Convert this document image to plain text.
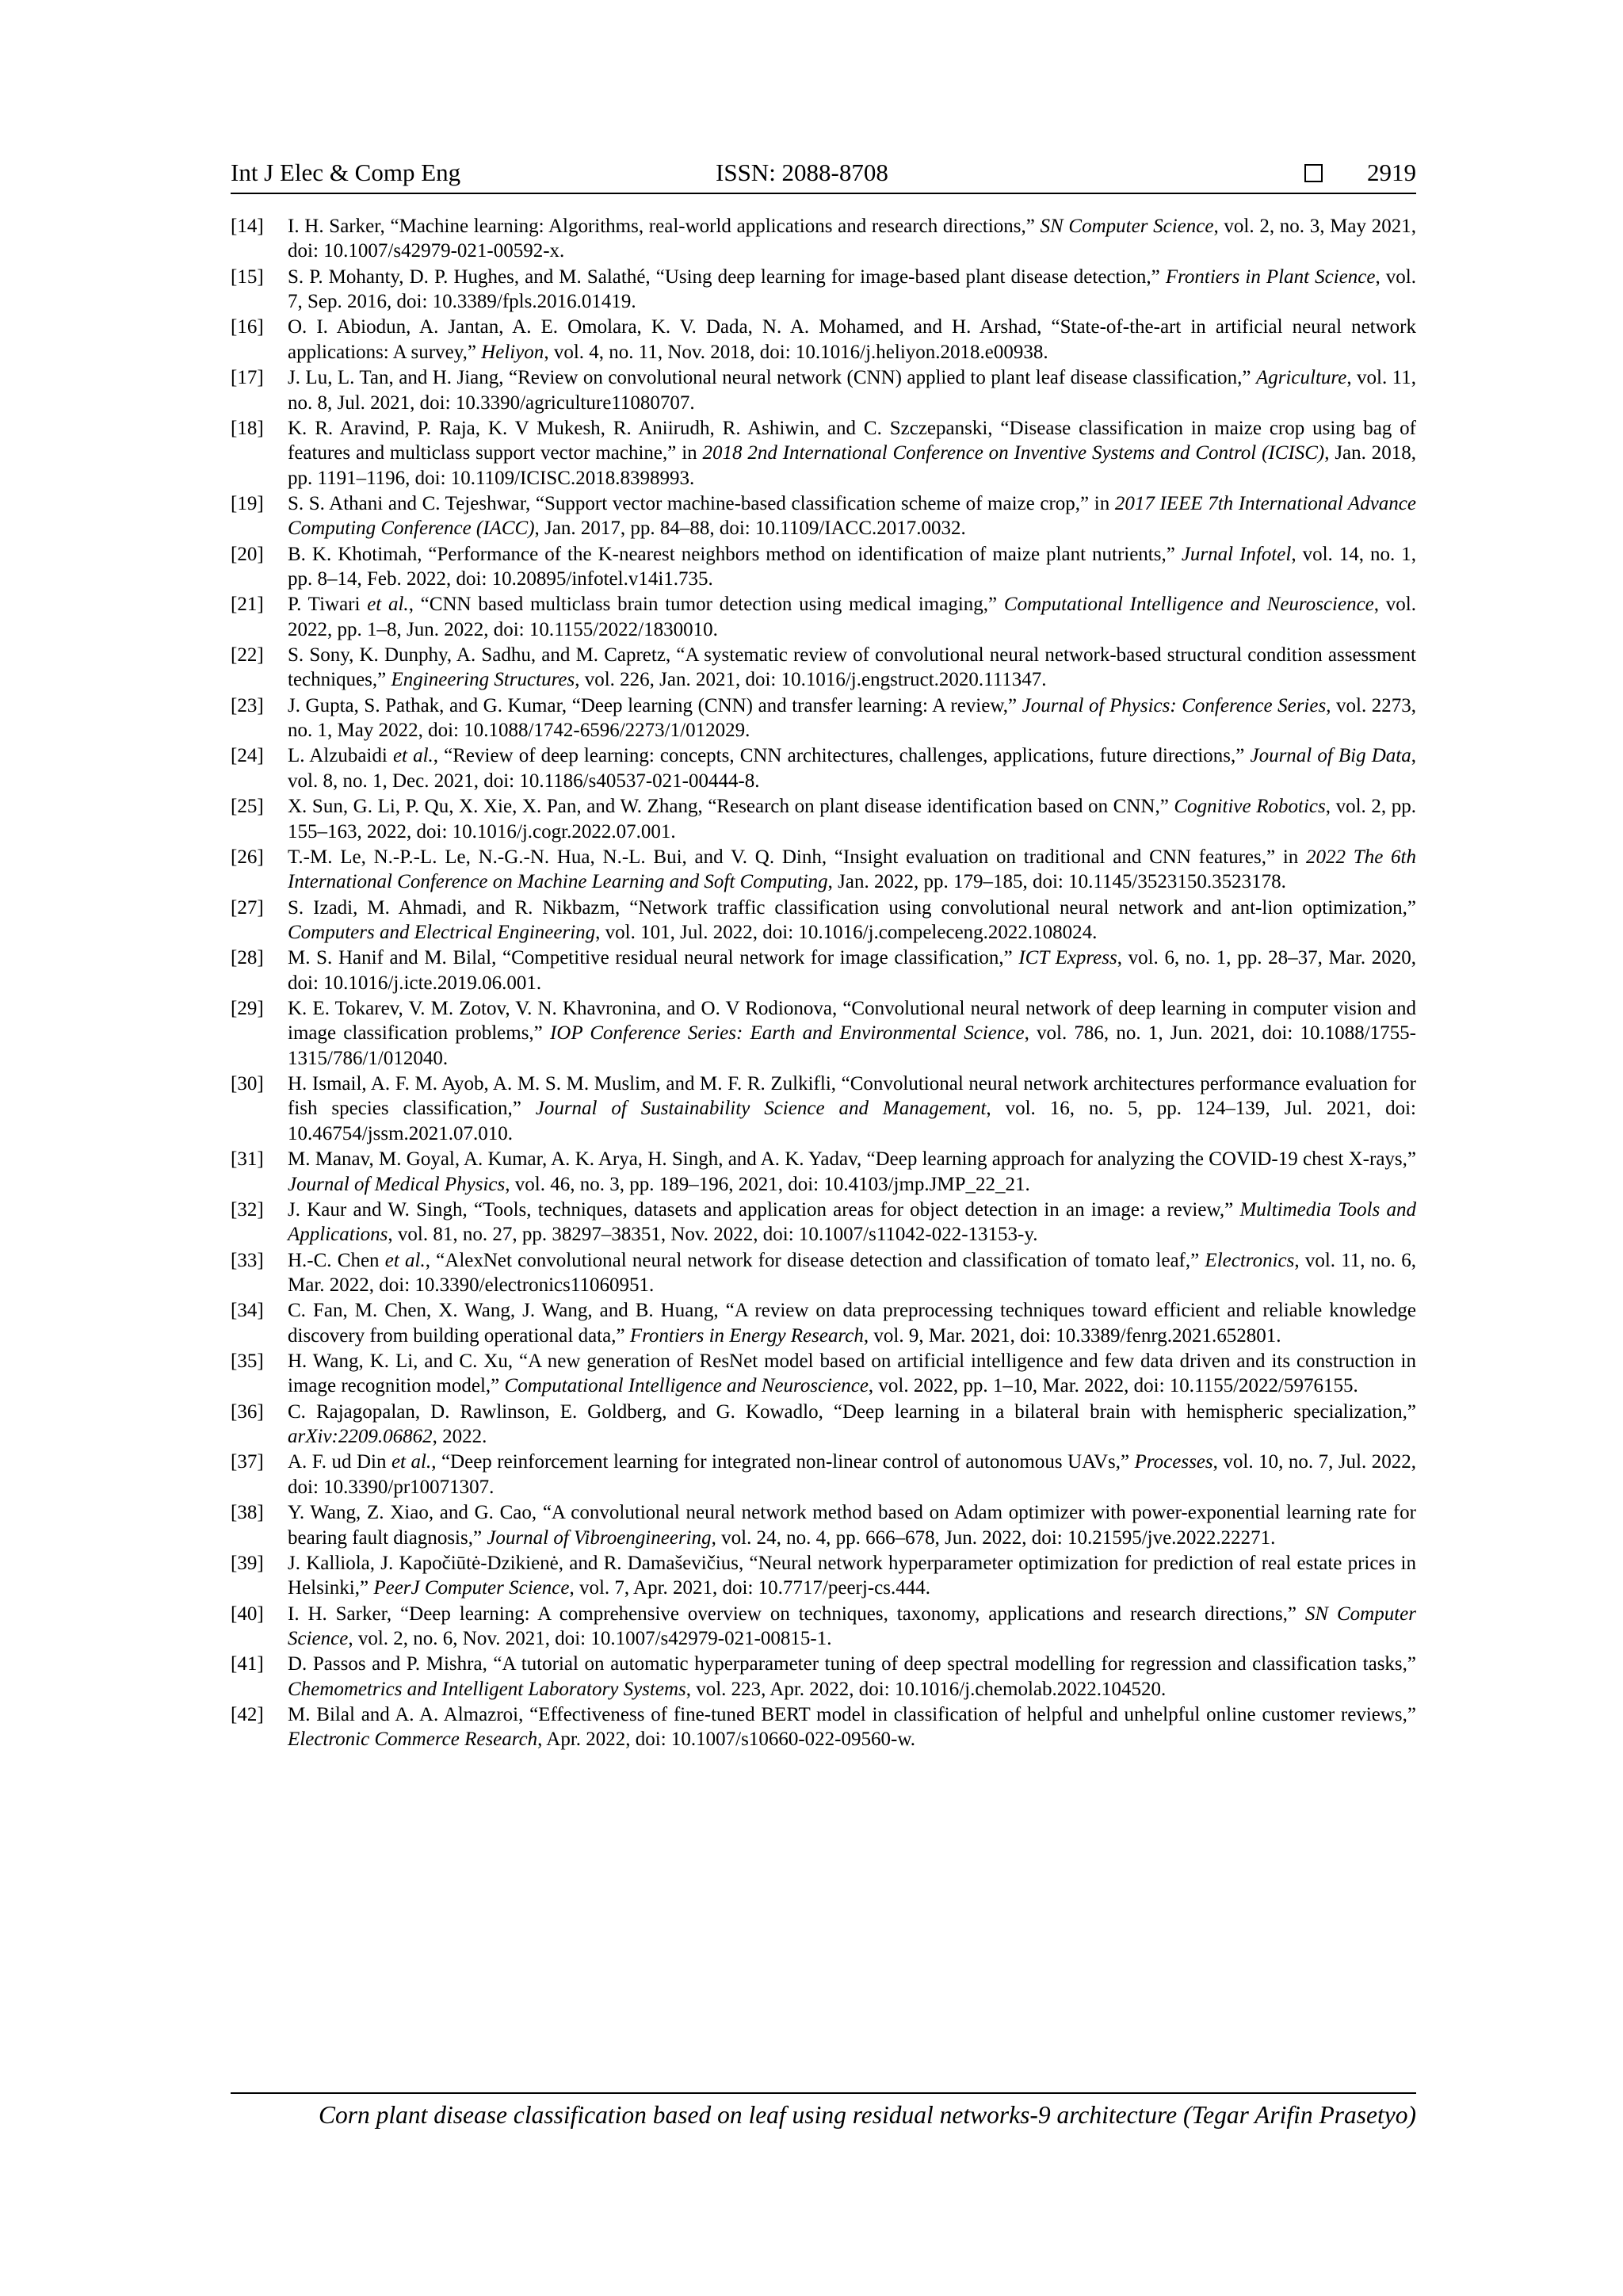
Int J Elec & Comp Eng	ISSN: 2088-8708	2919
[14]	I. H. Sarker, “Machine learning: Algorithms, real-world applications and research directions,” SN Computer Science, vol. 2, no. 3, May 2021, doi: 10.1007/s42979-021-00592-x.
[15]	S. P. Mohanty, D. P. Hughes, and M. Salathé, “Using deep learning for image-based plant disease detection,” Frontiers in Plant Science, vol. 7, Sep. 2016, doi: 10.3389/fpls.2016.01419.
[16]	O. I. Abiodun, A. Jantan, A. E. Omolara, K. V. Dada, N. A. Mohamed, and H. Arshad, “State-of-the-art in artificial neural network applications: A survey,” Heliyon, vol. 4, no. 11, Nov. 2018, doi: 10.1016/j.heliyon.2018.e00938.
[17]	J. Lu, L. Tan, and H. Jiang, “Review on convolutional neural network (CNN) applied to plant leaf disease classification,” Agriculture, vol. 11, no. 8, Jul. 2021, doi: 10.3390/agriculture11080707.
[18]	K. R. Aravind, P. Raja, K. V Mukesh, R. Aniirudh, R. Ashiwin, and C. Szczepanski, “Disease classification in maize crop using bag of features and multiclass support vector machine,” in 2018 2nd International Conference on Inventive Systems and Control (ICISC), Jan. 2018, pp. 1191–1196, doi: 10.1109/ICISC.2018.8398993.
[19]	S. S. Athani and C. Tejeshwar, “Support vector machine-based classification scheme of maize crop,” in 2017 IEEE 7th International Advance Computing Conference (IACC), Jan. 2017, pp. 84–88, doi: 10.1109/IACC.2017.0032.
[20]	B. K. Khotimah, “Performance of the K-nearest neighbors method on identification of maize plant nutrients,” Jurnal Infotel, vol. 14, no. 1, pp. 8–14, Feb. 2022, doi: 10.20895/infotel.v14i1.735.
[21]	P. Tiwari et al., “CNN based multiclass brain tumor detection using medical imaging,” Computational Intelligence and Neuroscience, vol. 2022, pp. 1–8, Jun. 2022, doi: 10.1155/2022/1830010.
[22]	S. Sony, K. Dunphy, A. Sadhu, and M. Capretz, “A systematic review of convolutional neural network-based structural condition assessment techniques,” Engineering Structures, vol. 226, Jan. 2021, doi: 10.1016/j.engstruct.2020.111347.
[23]	J. Gupta, S. Pathak, and G. Kumar, “Deep learning (CNN) and transfer learning: A review,” Journal of Physics: Conference Series, vol. 2273, no. 1, May 2022, doi: 10.1088/1742-6596/2273/1/012029.
[24]	L. Alzubaidi et al., “Review of deep learning: concepts, CNN architectures, challenges, applications, future directions,” Journal of Big Data, vol. 8, no. 1, Dec. 2021, doi: 10.1186/s40537-021-00444-8.
[25]	X. Sun, G. Li, P. Qu, X. Xie, X. Pan, and W. Zhang, “Research on plant disease identification based on CNN,” Cognitive Robotics, vol. 2, pp. 155–163, 2022, doi: 10.1016/j.cogr.2022.07.001.
[26]	T.-M. Le, N.-P.-L. Le, N.-G.-N. Hua, N.-L. Bui, and V. Q. Dinh, “Insight evaluation on traditional and CNN features,” in 2022 The 6th International Conference on Machine Learning and Soft Computing, Jan. 2022, pp. 179–185, doi: 10.1145/3523150.3523178.
[27]	S. Izadi, M. Ahmadi, and R. Nikbazm, “Network traffic classification using convolutional neural network and ant-lion optimization,” Computers and Electrical Engineering, vol. 101, Jul. 2022, doi: 10.1016/j.compeleceng.2022.108024.
[28]	M. S. Hanif and M. Bilal, “Competitive residual neural network for image classification,” ICT Express, vol. 6, no. 1, pp. 28–37, Mar. 2020, doi: 10.1016/j.icte.2019.06.001.
[29]	K. E. Tokarev, V. M. Zotov, V. N. Khavronina, and O. V Rodionova, “Convolutional neural network of deep learning in computer vision and image classification problems,” IOP Conference Series: Earth and Environmental Science, vol. 786, no. 1, Jun. 2021, doi: 10.1088/1755-1315/786/1/012040.
[30]	H. Ismail, A. F. M. Ayob, A. M. S. M. Muslim, and M. F. R. Zulkifli, “Convolutional neural network architectures performance evaluation for fish species classification,” Journal of Sustainability Science and Management, vol. 16, no. 5, pp. 124–139, Jul. 2021, doi: 10.46754/jssm.2021.07.010.
[31]	M. Manav, M. Goyal, A. Kumar, A. K. Arya, H. Singh, and A. K. Yadav, “Deep learning approach for analyzing the COVID-19 chest X-rays,” Journal of Medical Physics, vol. 46, no. 3, pp. 189–196, 2021, doi: 10.4103/jmp.JMP_22_21.
[32]	J. Kaur and W. Singh, “Tools, techniques, datasets and application areas for object detection in an image: a review,” Multimedia Tools and Applications, vol. 81, no. 27, pp. 38297–38351, Nov. 2022, doi: 10.1007/s11042-022-13153-y.
[33]	H.-C. Chen et al., “AlexNet convolutional neural network for disease detection and classification of tomato leaf,” Electronics, vol. 11, no. 6, Mar. 2022, doi: 10.3390/electronics11060951.
[34]	C. Fan, M. Chen, X. Wang, J. Wang, and B. Huang, “A review on data preprocessing techniques toward efficient and reliable knowledge discovery from building operational data,” Frontiers in Energy Research, vol. 9, Mar. 2021, doi: 10.3389/fenrg.2021.652801.
[35]	H. Wang, K. Li, and C. Xu, “A new generation of ResNet model based on artificial intelligence and few data driven and its construction in image recognition model,” Computational Intelligence and Neuroscience, vol. 2022, pp. 1–10, Mar. 2022, doi: 10.1155/2022/5976155.
[36]	C. Rajagopalan, D. Rawlinson, E. Goldberg, and G. Kowadlo, “Deep learning in a bilateral brain with hemispheric specialization,” arXiv:2209.06862, 2022.
[37]	A. F. ud Din et al., “Deep reinforcement learning for integrated non-linear control of autonomous UAVs,” Processes, vol. 10, no. 7, Jul. 2022, doi: 10.3390/pr10071307.
[38]	Y. Wang, Z. Xiao, and G. Cao, “A convolutional neural network method based on Adam optimizer with power-exponential learning rate for bearing fault diagnosis,” Journal of Vibroengineering, vol. 24, no. 4, pp. 666–678, Jun. 2022, doi: 10.21595/jve.2022.22271.
[39]	J. Kalliola, J. Kapočiūtė-Dzikienė, and R. Damaševičius, “Neural network hyperparameter optimization for prediction of real estate prices in Helsinki,” PeerJ Computer Science, vol. 7, Apr. 2021, doi: 10.7717/peerj-cs.444.
[40]	I. H. Sarker, “Deep learning: A comprehensive overview on techniques, taxonomy, applications and research directions,” SN Computer Science, vol. 2, no. 6, Nov. 2021, doi: 10.1007/s42979-021-00815-1.
[41]	D. Passos and P. Mishra, “A tutorial on automatic hyperparameter tuning of deep spectral modelling for regression and classification tasks,” Chemometrics and Intelligent Laboratory Systems, vol. 223, Apr. 2022, doi: 10.1016/j.chemolab.2022.104520.
[42]	M. Bilal and A. A. Almazroi, “Effectiveness of fine-tuned BERT model in classification of helpful and unhelpful online customer reviews,” Electronic Commerce Research, Apr. 2022, doi: 10.1007/s10660-022-09560-w.
Corn plant disease classification based on leaf using residual networks-9 architecture (Tegar Arifin Prasetyo)
